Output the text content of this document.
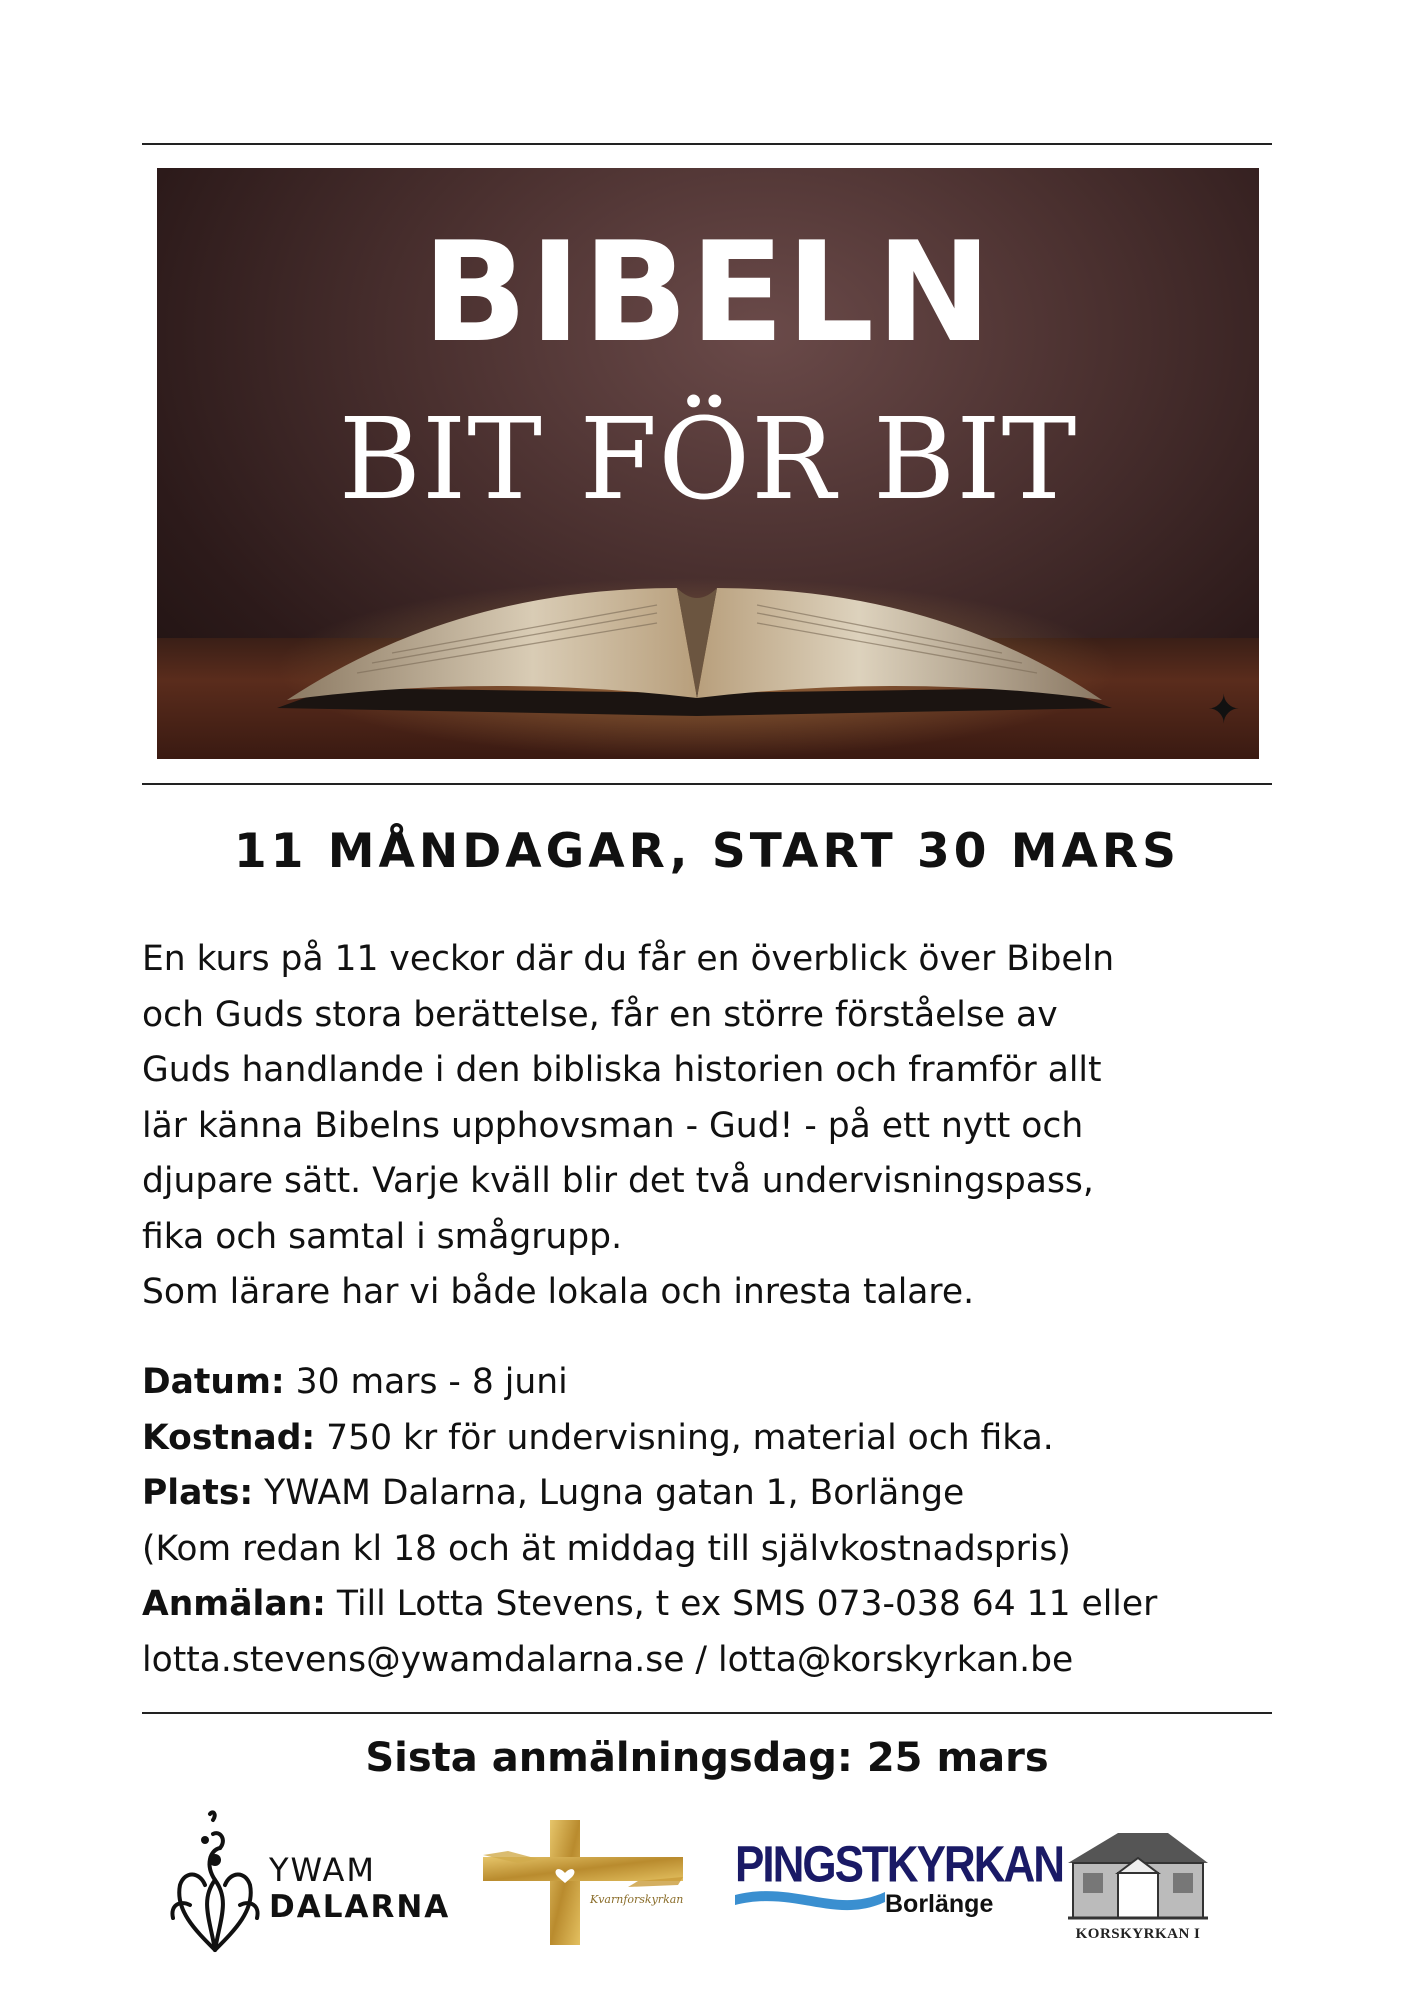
BIBELN
BIT FÖR BIT
✦
11 MÅNDAGAR, START 30 MARS

En kurs på 11 veckor där du får en överblick över Bibeln

och Guds stora berättelse, får en större förståelse av

Guds handlande i den bibliska historien och framför allt

lär känna Bibelns upphovsman - Gud! - på ett nytt och

djupare sätt. Varje kväll blir det två undervisningspass,

fika och samtal i smågrupp.

Som lärare har vi både lokala och inresta talare.

Datum: 30 mars - 8 juni

Kostnad: 750 kr för undervisning, material och fika.

Plats: YWAM Dalarna, Lugna gatan 1, Borlänge

(Kom redan kl 18 och ät middag till självkostnadspris)

Anmälan: Till Lotta Stevens, t ex SMS 073-038 64 11 eller

lotta.stevens@ywamdalarna.se / lotta@korskyrkan.be

Sista anmälningsdag: 25 mars
YWAM
DALARNA	Kvarnforskyrkan
PINGSTKYRKAN
Borlänge
KORSKYRKAN I
